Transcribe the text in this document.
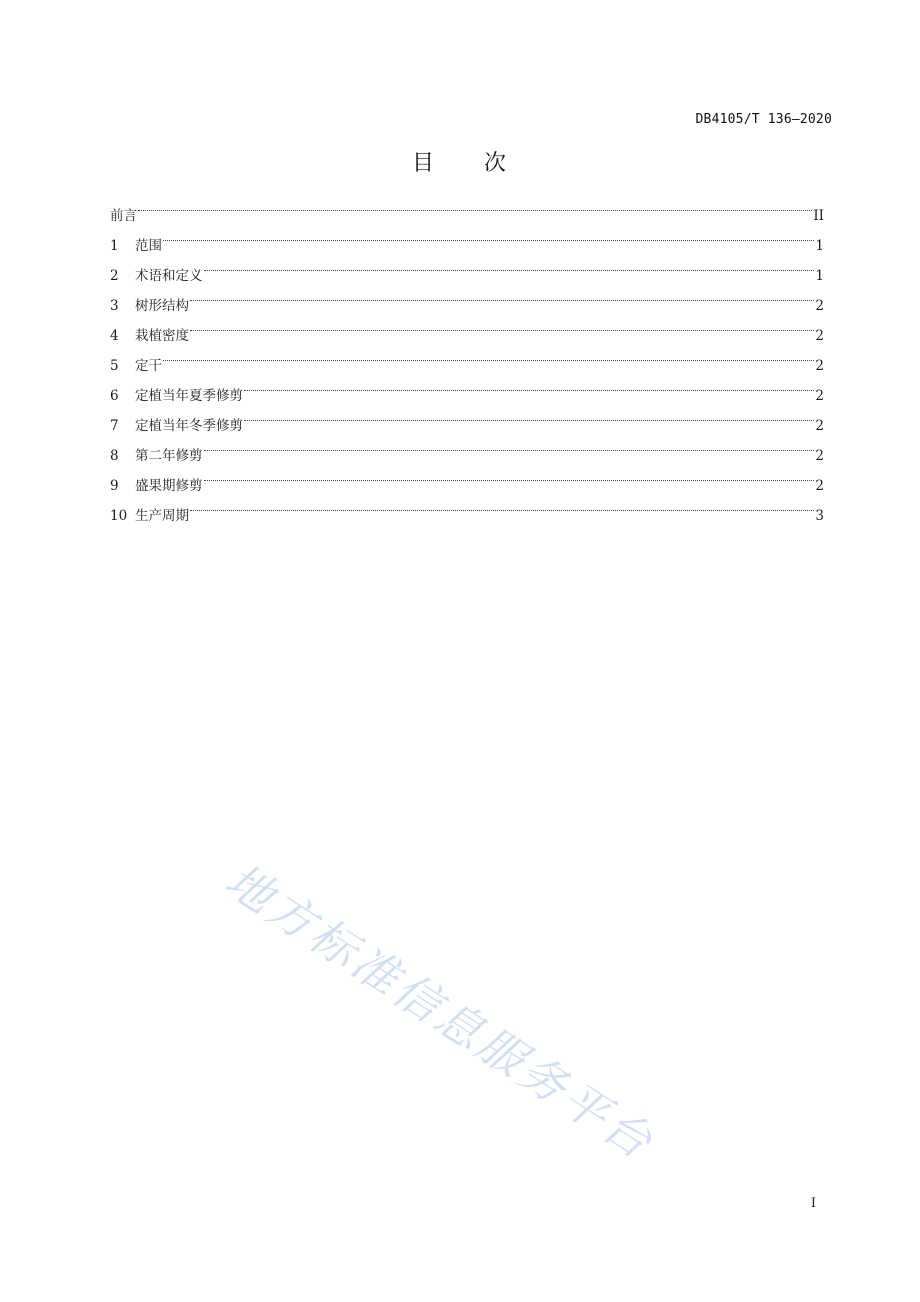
DB4105/T 136—2020
目 次
前言	II
1	范围	1
2	术语和定义	1
3	树形结构	2
4	栽植密度	2
5	定干	2
6	定植当年夏季修剪	2
7	定植当年冬季修剪	2
8	第二年修剪	2
9	盛果期修剪	2
10 生产周期	3
地方标准信息服务平台
I
